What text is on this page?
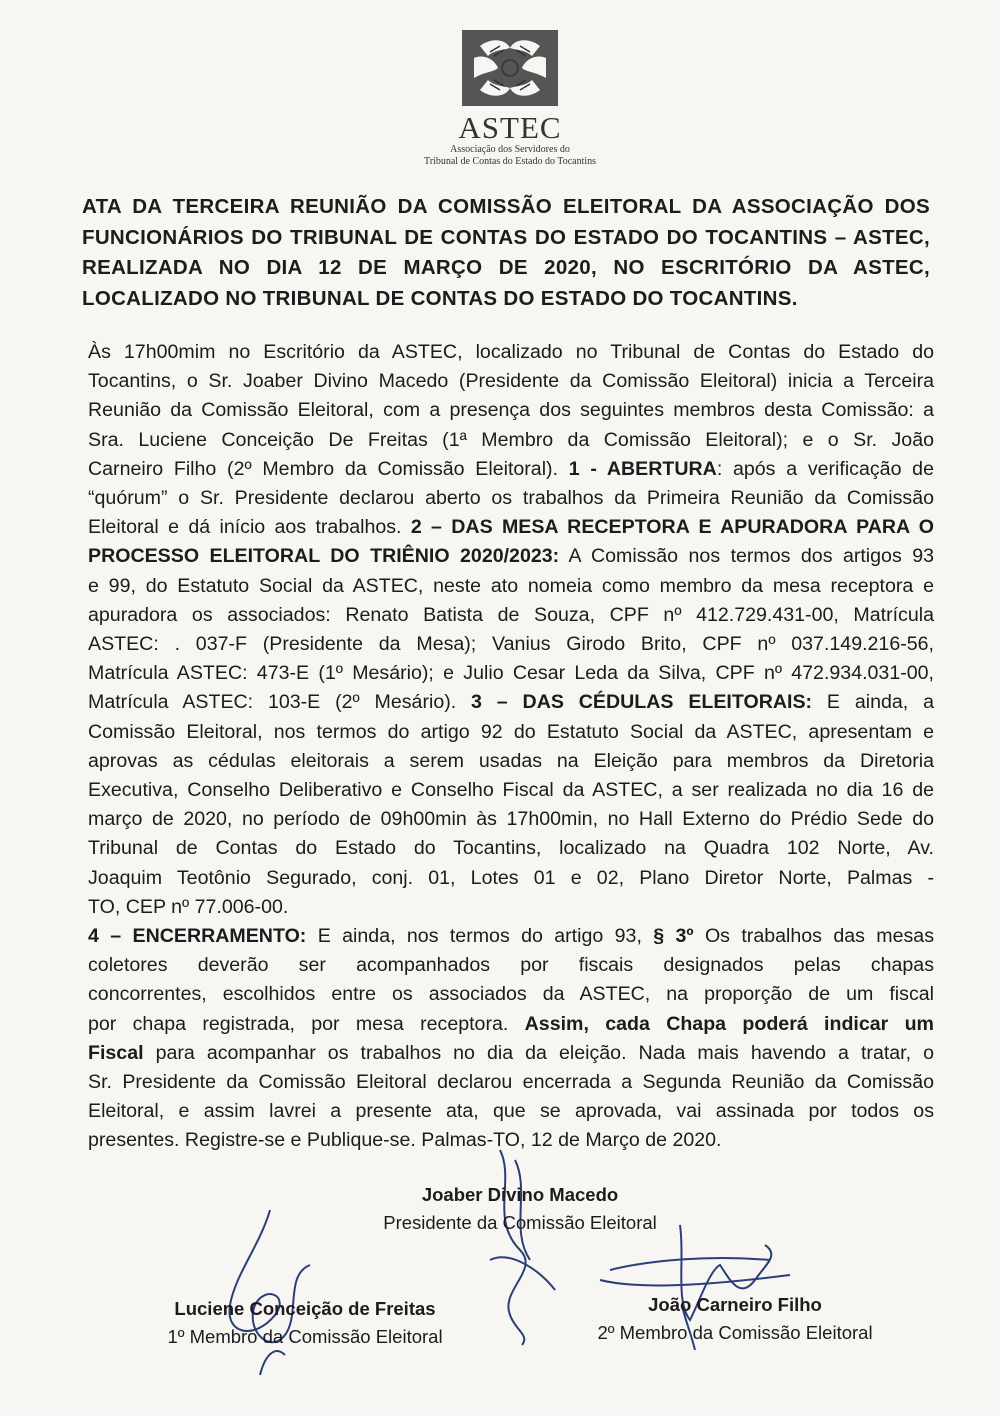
ASTEC
Associação dos Servidores do
Tribunal de Contas do Estado do Tocantins
ATA DA TERCEIRA REUNIÃO DA COMISSÃO ELEITORAL DA ASSOCIAÇÃO DOS
FUNCIONÁRIOS DO TRIBUNAL DE CONTAS DO ESTADO DO TOCANTINS – ASTEC,
REALIZADA NO DIA 12 DE MARÇO DE 2020, NO ESCRITÓRIO DA ASTEC,
LOCALIZADO NO TRIBUNAL DE CONTAS DO ESTADO DO TOCANTINS.
Às 17h00mim no Escritório da ASTEC, localizado no Tribunal de Contas do Estado do
Tocantins, o Sr. Joaber Divino Macedo (Presidente da Comissão Eleitoral) inicia a Terceira
Reunião da Comissão Eleitoral, com a presença dos seguintes membros desta Comissão: a
Sra. Luciene Conceição De Freitas (1ª Membro da Comissão Eleitoral); e o Sr. João
Carneiro Filho (2º Membro da Comissão Eleitoral). 1 - ABERTURA: após a verificação de
“quórum” o Sr. Presidente declarou aberto os trabalhos da Primeira Reunião da Comissão
Eleitoral e dá início aos trabalhos. 2 – DAS MESA RECEPTORA E APURADORA PARA O
PROCESSO ELEITORAL DO TRIÊNIO 2020/2023: A Comissão nos termos dos artigos 93
e 99, do Estatuto Social da ASTEC, neste ato nomeia como membro da mesa receptora e
apuradora os associados: Renato Batista de Souza, CPF nº 412.729.431-00, Matrícula
ASTEC: . 037-F (Presidente da Mesa); Vanius Girodo Brito, CPF nº 037.149.216-56,
Matrícula ASTEC: 473-E (1º Mesário); e Julio Cesar Leda da Silva, CPF nº 472.934.031-00,
Matrícula ASTEC: 103-E (2º Mesário). 3 – DAS CÉDULAS ELEITORAIS: E ainda, a
Comissão Eleitoral, nos termos do artigo 92 do Estatuto Social da ASTEC, apresentam e
aprovas as cédulas eleitorais a serem usadas na Eleição para membros da Diretoria
Executiva, Conselho Deliberativo e Conselho Fiscal da ASTEC, a ser realizada no dia 16 de
março de 2020, no período de 09h00min às 17h00min, no Hall Externo do Prédio Sede do
Tribunal de Contas do Estado do Tocantins, localizado na Quadra 102 Norte, Av.
Joaquim Teotônio Segurado, conj. 01, Lotes 01 e 02, Plano Diretor Norte, Palmas -
TO, CEP nº 77.006-00.
4 – ENCERRAMENTO: E ainda, nos termos do artigo 93, § 3º Os trabalhos das mesas
coletores deverão ser acompanhados por fiscais designados pelas chapas
concorrentes, escolhidos entre os associados da ASTEC, na proporção de um fiscal
por chapa registrada, por mesa receptora. Assim, cada Chapa poderá indicar um
Fiscal para acompanhar os trabalhos no dia da eleição. Nada mais havendo a tratar, o
Sr. Presidente da Comissão Eleitoral declarou encerrada a Segunda Reunião da Comissão
Eleitoral, e assim lavrei a presente ata, que se aprovada, vai assinada por todos os
presentes. Registre-se e Publique-se. Palmas-TO, 12 de Março de 2020.
Joaber Divino Macedo
Presidente da Comissão Eleitoral
Luciene Conceição de Freitas
1º Membro da Comissão Eleitoral
João Carneiro Filho
2º Membro da Comissão Eleitoral
